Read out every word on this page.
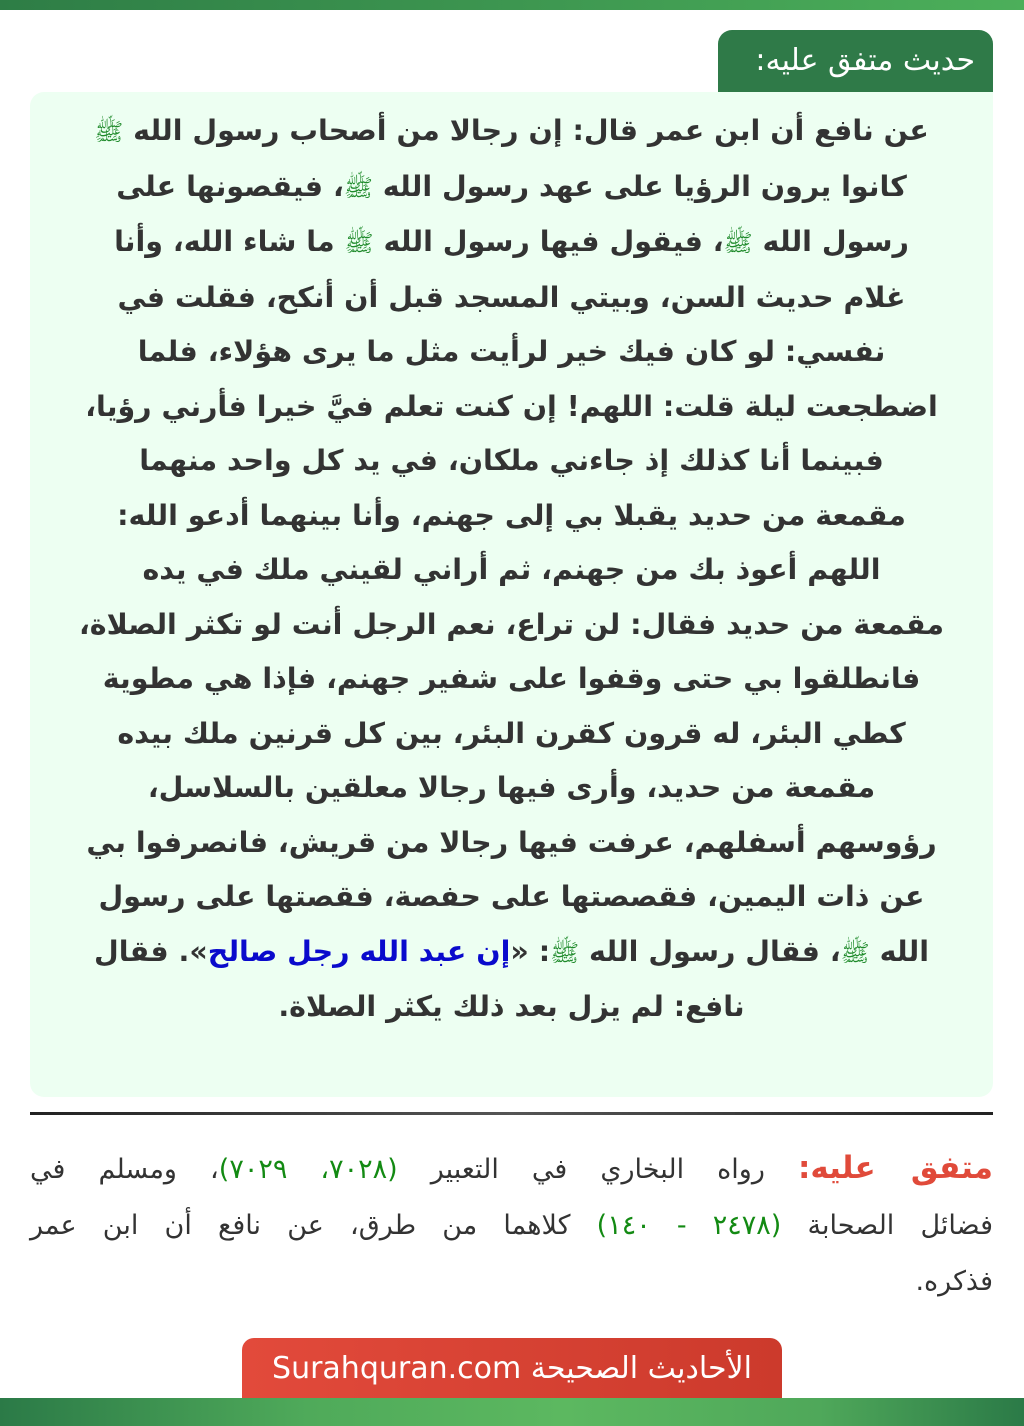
حديث متفق عليه:

عن نافع أن ابن عمر قال: إن رجالا من أصحاب رسول الله ﷺ
كانوا يرون الرؤيا على عهد رسول الله ﷺ، فيقصونها على
رسول الله ﷺ، فيقول فيها رسول الله ﷺ ما شاء الله، وأنا
غلام حديث السن، وبيتي المسجد قبل أن أنكح، فقلت في
نفسي: لو كان فيك خير لرأيت مثل ما يرى هؤلاء، فلما
اضطجعت ليلة قلت: اللهم! إن كنت تعلم فيَّ خيرا فأرني رؤيا،
فبينما أنا كذلك إذ جاءني ملكان، في يد كل واحد منهما
مقمعة من حديد يقبلا بي إلى جهنم، وأنا بينهما أدعو الله:
اللهم أعوذ بك من جهنم، ثم أراني لقيني ملك في يده
مقمعة من حديد فقال: لن تراع، نعم الرجل أنت لو تكثر الصلاة،
فانطلقوا بي حتى وقفوا على شفير جهنم، فإذا هي مطوية
كطي البئر، له قرون كقرن البئر، بين كل قرنين ملك بيده
مقمعة من حديد، وأرى فيها رجالا معلقين بالسلاسل،
رؤوسهم أسفلهم، عرفت فيها رجالا من قريش، فانصرفوا بي
عن ذات اليمين، فقصصتها على حفصة، فقصتها على رسول
الله ﷺ، فقال رسول الله ﷺ: «إن عبد الله رجل صالح». فقال
نافع: لم يزل بعد ذلك يكثر الصلاة.

متفق عليه: رواه البخاري في التعبير (٧٠٢٨، ٧٠٢٩)، ومسلم في
فضائل الصحابة (٢٤٧٨ - ١٤٠) كلاهما من طرق، عن نافع أن ابن عمر
فذكره.
الأحاديث الصحيحة Surahquran.com
